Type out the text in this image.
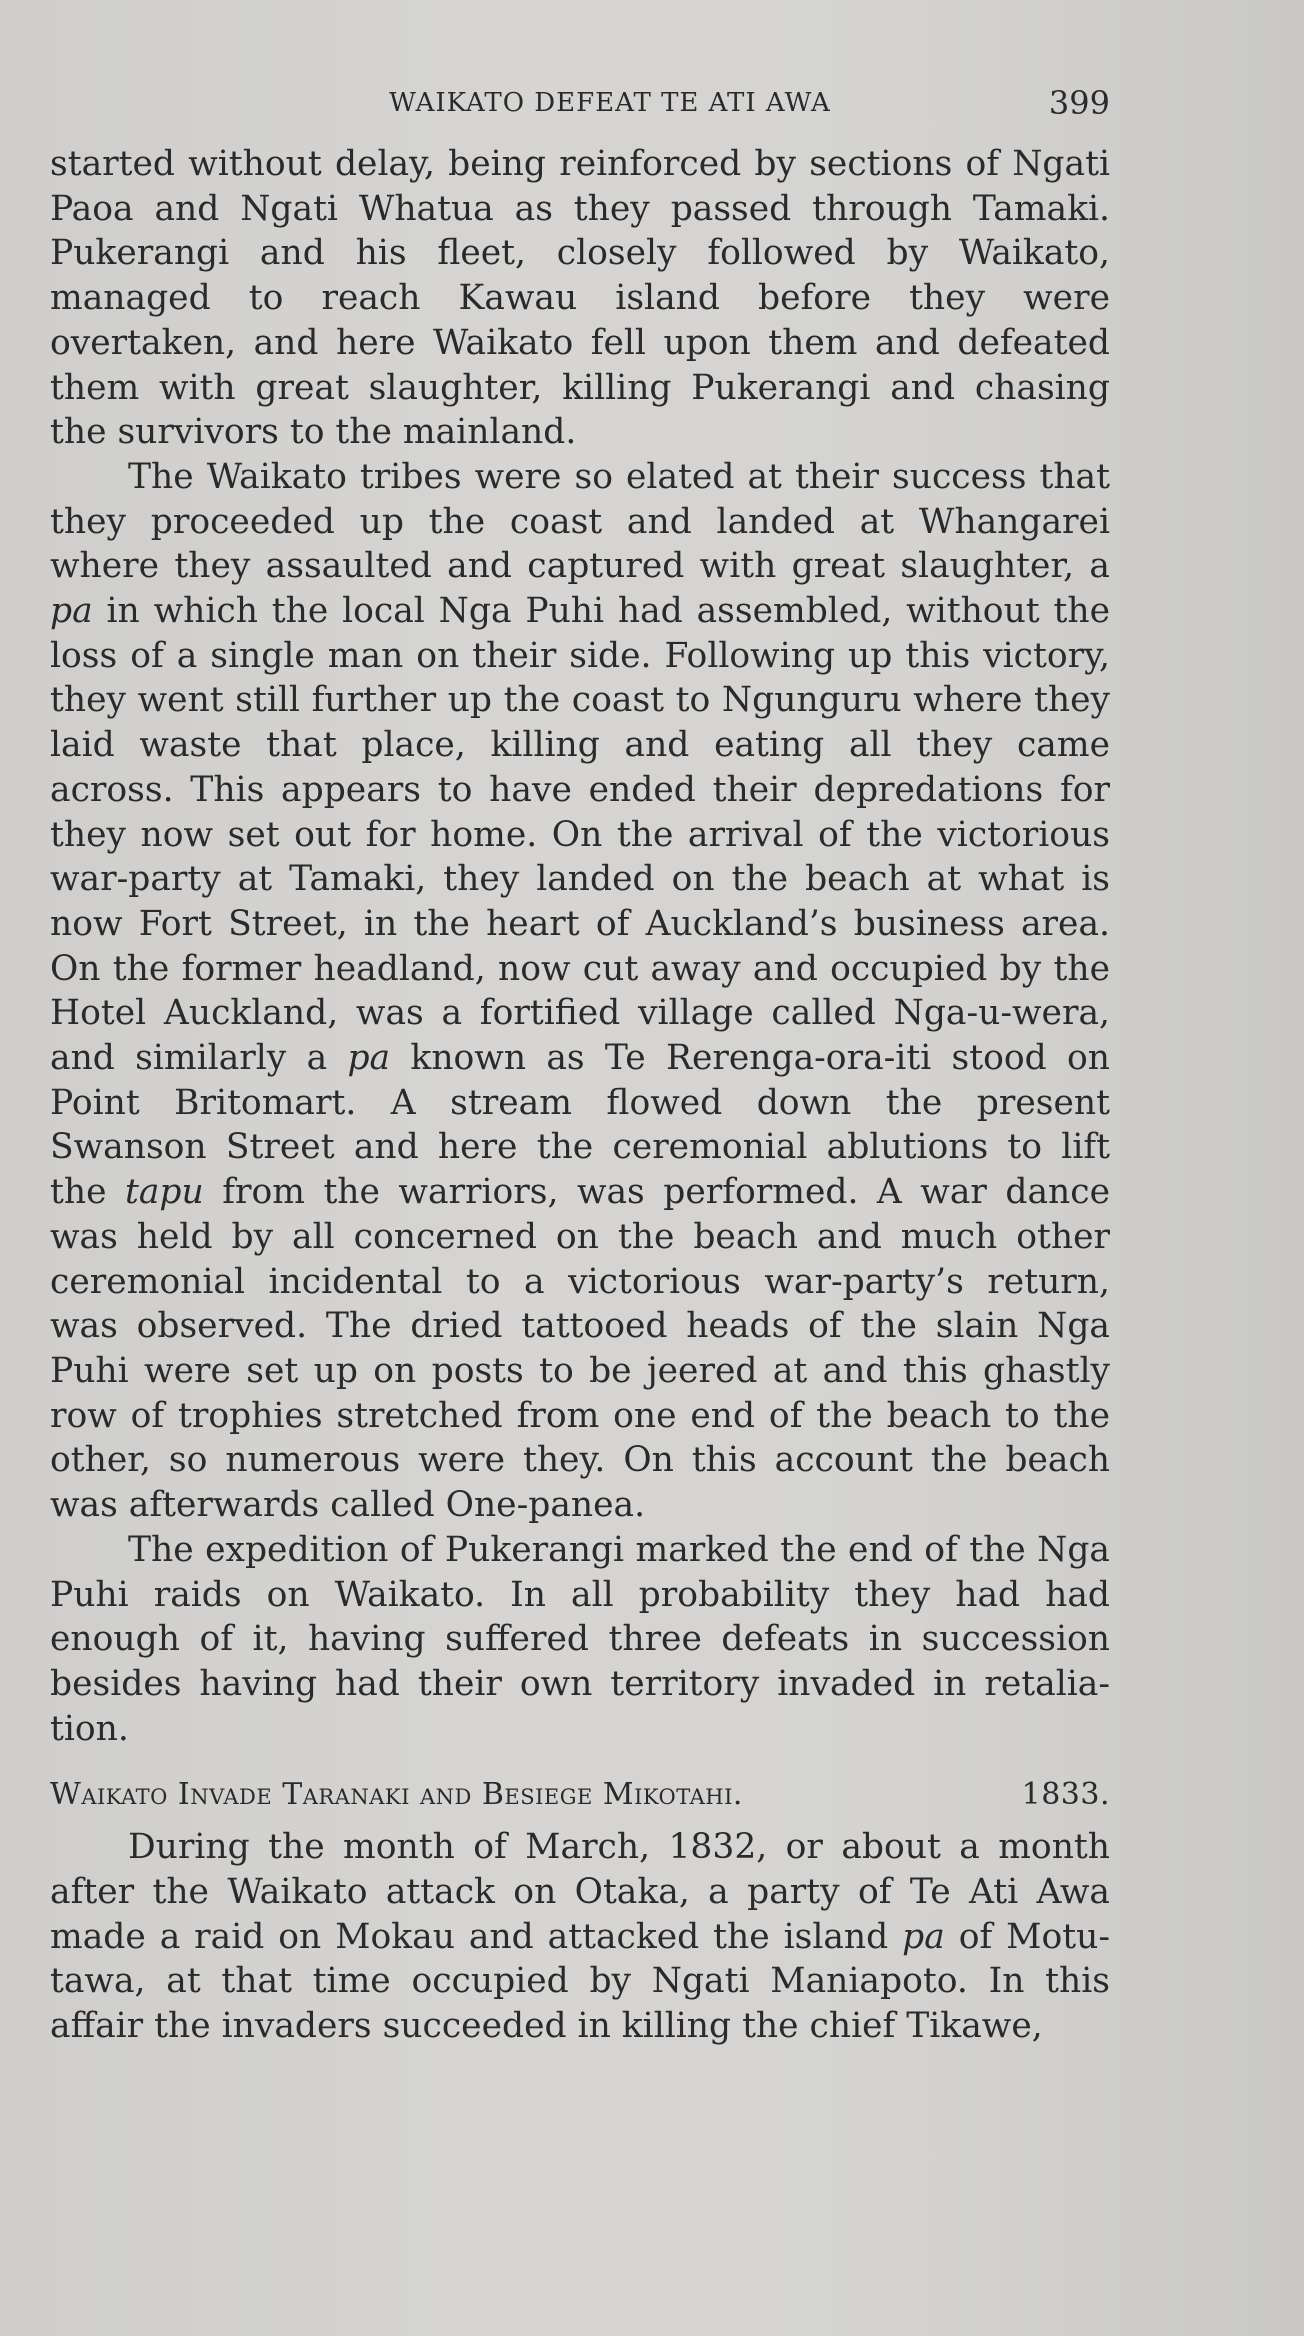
WAIKATO DEFEAT TE ATI AWA	399

started without delay, being reinforced by sections of Ngati Paoa and Ngati Whatua as they passed through Tamaki. Pukerangi and his fleet, closely followed by Waikato, managed to reach Kawau island before they were overtaken, and here Waikato fell upon them and defeated them with great slaughter, killing Pukerangi and chasing the survivors to the mainland.

The Waikato tribes were so elated at their success that they proceeded up the coast and landed at Whangarei where they assaulted and captured with great slaughter, a pa in which the local Nga Puhi had assembled, without the loss of a single man on their side. Following up this victory, they went still further up the coast to Ngunguru where they laid waste that place, killing and eating all they came across. This appears to have ended their depredations for they now set out for home. On the arrival of the victorious war-party at Tamaki, they landed on the beach at what is now Fort Street, in the heart of Auckland’s business area. On the former headland, now cut away and occupied by the Hotel Auckland, was a fortified village called Nga-u-wera, and similarly a pa known as Te Rerenga-ora-iti stood on Point Britomart. A stream flowed down the present Swanson Street and here the ceremonial ablutions to lift the tapu from the warriors, was performed. A war dance was held by all concerned on the beach and much other ceremonial incidental to a victorious war-party’s return, was observed. The dried tattooed heads of the slain Nga Puhi were set up on posts to be jeered at and this ghastly row of trophies stretched from one end of the beach to the other, so numerous were they. On this account the beach was afterwards called One-panea.

The expedition of Pukerangi marked the end of the Nga Puhi raids on Waikato. In all probability they had had enough of it, having suffered three defeats in succession besides having had their own territory invaded in retalia-tion.

Waikato Invade Taranaki and Besiege Mikotahi.	1833.

During the month of March, 1832, or about a month after the Waikato attack on Otaka, a party of Te Ati Awa made a raid on Mokau and attacked the island pa of Motu-tawa, at that time occupied by Ngati Maniapoto. In this affair the invaders succeeded in killing the chief Tikawe,
